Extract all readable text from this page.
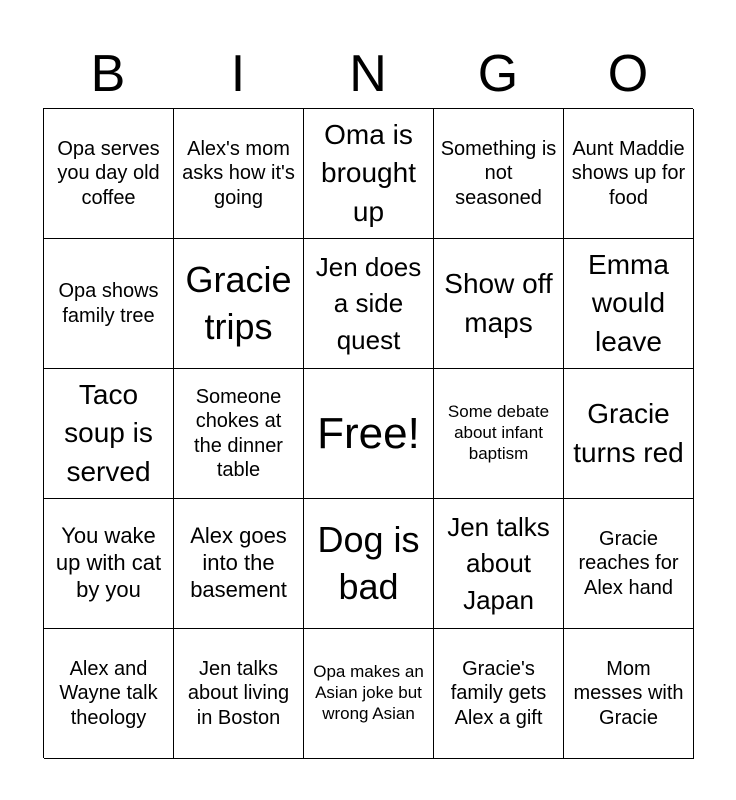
B	I	N	G	O
Opa serves you day old coffee
Alex's mom asks how it's going
Oma is brought up
Something is not seasoned
Aunt Maddie shows up for food
Opa shows family tree
Gracie trips
Jen does a side quest
Show off maps
Emma would leave
Taco soup is served
Someone chokes at the dinner table
Free!	Some debate about infant baptism
Gracie turns red
You wake up with cat by you
Alex goes into the basement
Dog is bad
Jen talks about Japan
Gracie reaches for Alex hand
Alex and Wayne talk theology
Jen talks about living in Boston
Opa makes an Asian joke but wrong Asian
Gracie's family gets Alex a gift
Mom messes with Gracie
